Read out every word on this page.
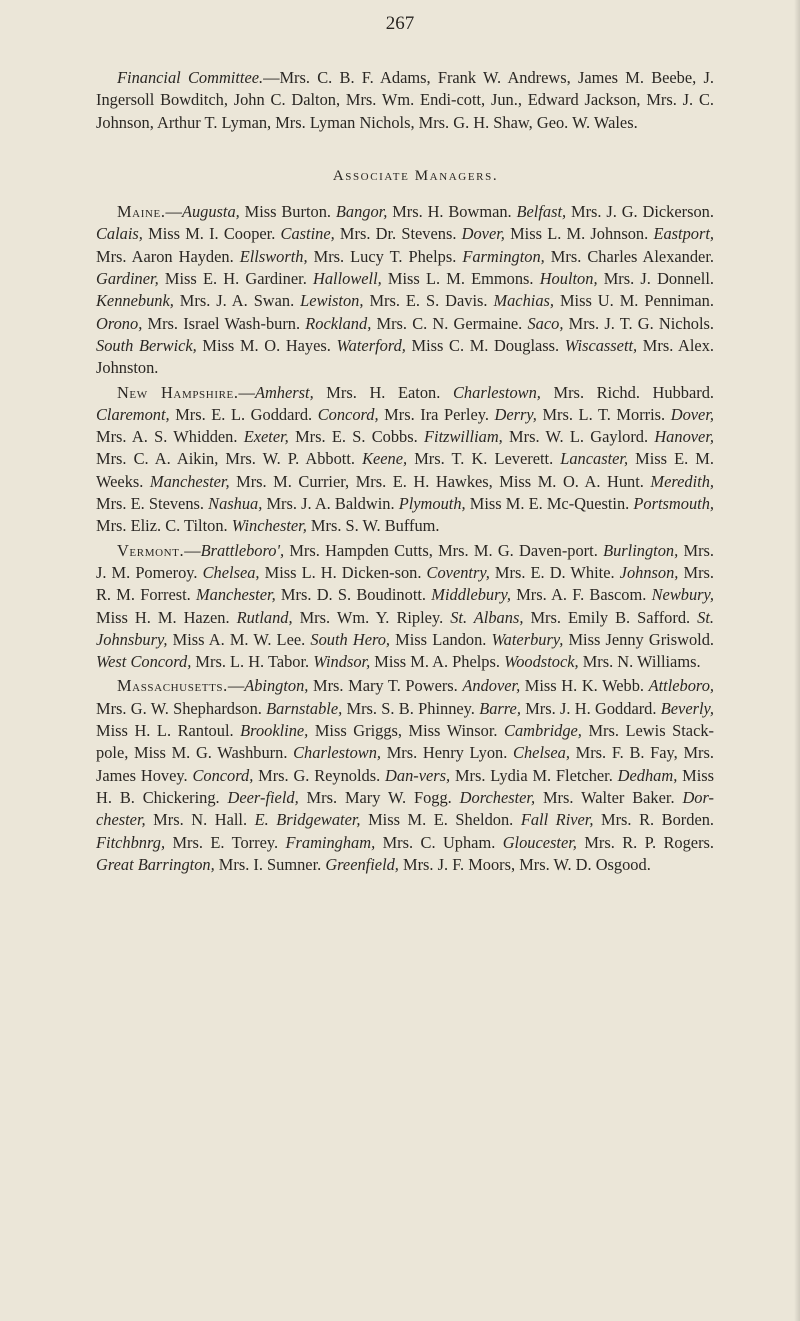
267

Financial Committee.—Mrs. C. B. F. Adams, Frank W. Andrews, James M. Beebe, J. Ingersoll Bowditch, John C. Dalton, Mrs. Wm. Endi-cott, Jun., Edward Jackson, Mrs. J. C. Johnson, Arthur T. Lyman, Mrs. Lyman Nichols, Mrs. G. H. Shaw, Geo. W. Wales.

Associate Managers.

Maine.—Augusta, Miss Burton. Bangor, Mrs. H. Bowman. Belfast, Mrs. J. G. Dickerson. Calais, Miss M. I. Cooper. Castine, Mrs. Dr. Stevens. Dover, Miss L. M. Johnson. Eastport, Mrs. Aaron Hayden. Ellsworth, Mrs. Lucy T. Phelps. Farmington, Mrs. Charles Alexander. Gardiner, Miss E. H. Gardiner. Hallowell, Miss L. M. Emmons. Houlton, Mrs. J. Donnell. Kennebunk, Mrs. J. A. Swan. Lewiston, Mrs. E. S. Davis. Machias, Miss U. M. Penniman. Orono, Mrs. Israel Wash-burn. Rockland, Mrs. C. N. Germaine. Saco, Mrs. J. T. G. Nichols. South Berwick, Miss M. O. Hayes. Waterford, Miss C. M. Douglass. Wiscassett, Mrs. Alex. Johnston.

New Hampshire.—Amherst, Mrs. H. Eaton. Charlestown, Mrs. Richd. Hubbard. Claremont, Mrs. E. L. Goddard. Concord, Mrs. Ira Perley. Derry, Mrs. L. T. Morris. Dover, Mrs. A. S. Whidden. Exeter, Mrs. E. S. Cobbs. Fitzwilliam, Mrs. W. L. Gaylord. Hanover, Mrs. C. A. Aikin, Mrs. W. P. Abbott. Keene, Mrs. T. K. Leverett. Lancaster, Miss E. M. Weeks. Manchester, Mrs. M. Currier, Mrs. E. H. Hawkes, Miss M. O. A. Hunt. Meredith, Mrs. E. Stevens. Nashua, Mrs. J. A. Baldwin. Plymouth, Miss M. E. Mc-Questin. Portsmouth, Mrs. Eliz. C. Tilton. Winchester, Mrs. S. W. Buffum.

Vermont.—Brattleboro', Mrs. Hampden Cutts, Mrs. M. G. Daven-port. Burlington, Mrs. J. M. Pomeroy. Chelsea, Miss L. H. Dicken-son. Coventry, Mrs. E. D. White. Johnson, Mrs. R. M. Forrest. Manchester, Mrs. D. S. Boudinott. Middlebury, Mrs. A. F. Bascom. Newbury, Miss H. M. Hazen. Rutland, Mrs. Wm. Y. Ripley. St. Albans, Mrs. Emily B. Safford. St. Johnsbury, Miss A. M. W. Lee. South Hero, Miss Landon. Waterbury, Miss Jenny Griswold. West Concord, Mrs. L. H. Tabor. Windsor, Miss M. A. Phelps. Woodstock, Mrs. N. Williams.

Massachusetts.—Abington, Mrs. Mary T. Powers. Andover, Miss H. K. Webb. Attleboro, Mrs. G. W. Shephardson. Barnstable, Mrs. S. B. Phinney. Barre, Mrs. J. H. Goddard. Beverly, Miss H. L. Rantoul. Brookline, Miss Griggs, Miss Winsor. Cambridge, Mrs. Lewis Stack-pole, Miss M. G. Washburn. Charlestown, Mrs. Henry Lyon. Chelsea, Mrs. F. B. Fay, Mrs. James Hovey. Concord, Mrs. G. Reynolds. Dan-vers, Mrs. Lydia M. Fletcher. Dedham, Miss H. B. Chickering. Deer-field, Mrs. Mary W. Fogg. Dorchester, Mrs. Walter Baker. Dor-chester, Mrs. N. Hall. E. Bridgewater, Miss M. E. Sheldon. Fall River, Mrs. R. Borden. Fitchbnrg, Mrs. E. Torrey. Framingham, Mrs. C. Upham. Gloucester, Mrs. R. P. Rogers. Great Barrington, Mrs. I. Sumner. Greenfield, Mrs. J. F. Moors, Mrs. W. D. Osgood.
